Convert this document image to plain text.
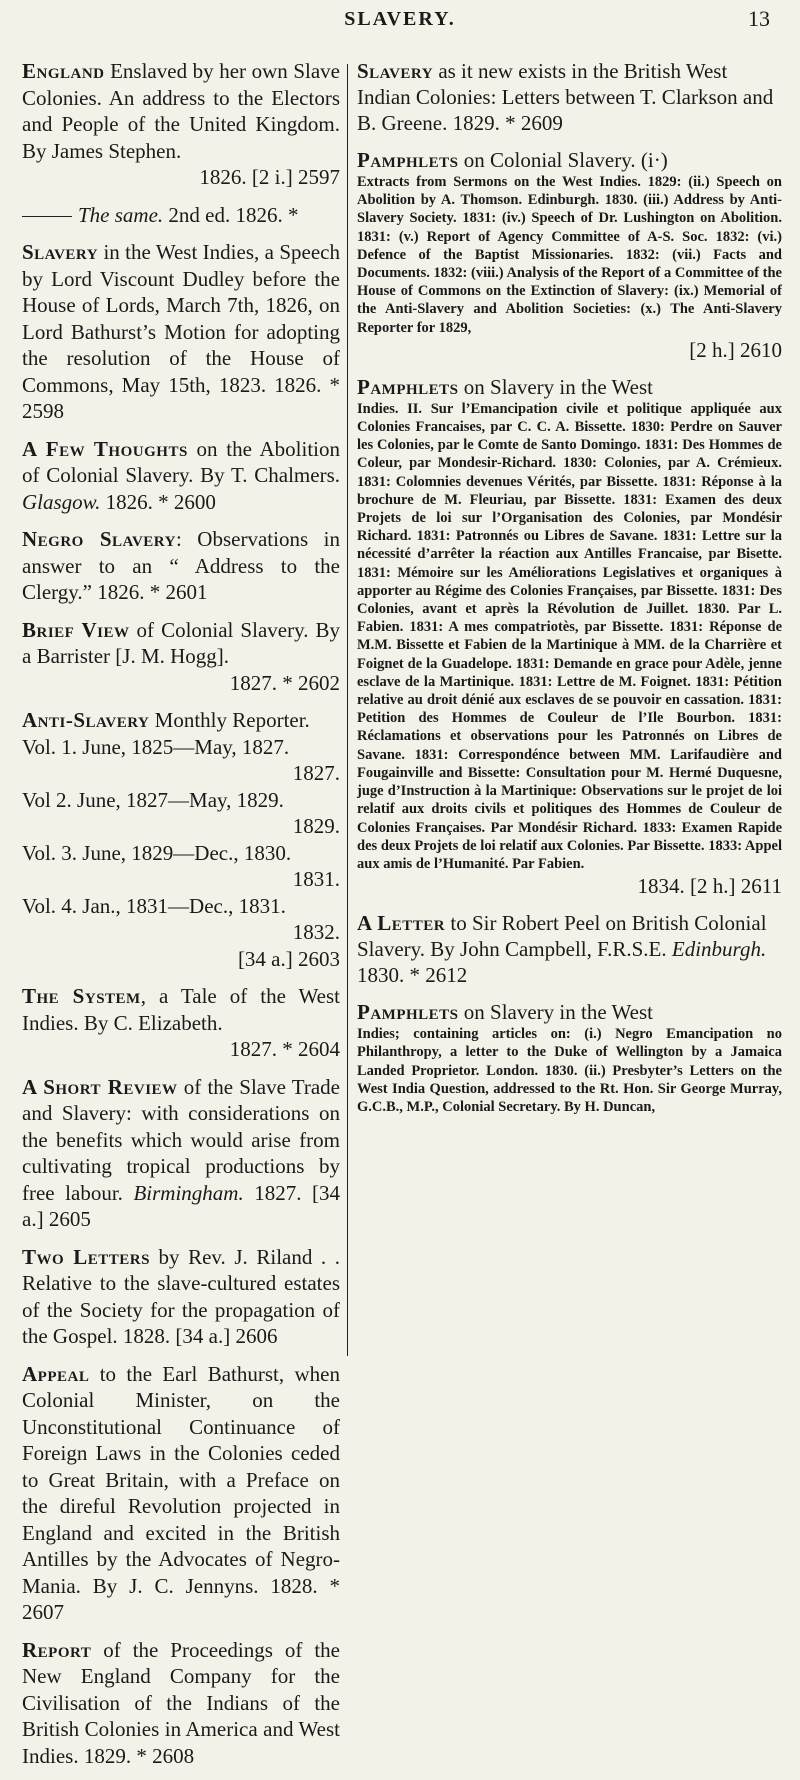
SLAVERY.	13
England Enslaved by her own Slave Colonies. An address to the Electors and People of the United Kingdom. By James Stephen.
1826. [2 i.] 2597
The same. 2nd ed. 1826. *
Slavery in the West Indies, a Speech by Lord Viscount Dudley before the House of Lords, March 7th, 1826, on Lord Bathurst’s Motion for adopting the resolution of the House of Commons, May 15th, 1823. 1826. * 2598
A Few Thoughts on the Abolition of Colonial Slavery. By T. Chalmers. Glasgow. 1826. * 2600
Negro Slavery: Observations in answer to an “ Address to the Clergy.” 1826. * 2601
Brief View of Colonial Slavery. By a Barrister [J. M. Hogg].
1827. * 2602
Anti-Slavery Monthly Reporter.
Vol. 1. June, 1825—May, 1827.
1827.
Vol 2. June, 1827—May, 1829.
1829.
Vol. 3. June, 1829—Dec., 1830.
1831.
Vol. 4. Jan., 1831—Dec., 1831.
1832.
[34 a.] 2603
The System, a Tale of the West Indies. By C. Elizabeth.
1827. * 2604
A Short Review of the Slave Trade and Slavery: with considerations on the benefits which would arise from cultivating tropical productions by free labour. Birmingham. 1827. [34 a.] 2605
Two Letters by Rev. J. Riland . . Relative to the slave-cultured estates of the Society for the propagation of the Gospel. 1828. [34 a.] 2606
Appeal to the Earl Bathurst, when Colonial Minister, on the Unconstitutional Continuance of Foreign Laws in the Colonies ceded to Great Britain, with a Preface on the direful Revolution projected in England and excited in the British Antilles by the Advocates of Negro-Mania. By J. C. Jennyns. 1828. * 2607
Report of the Proceedings of the New England Company for the Civilisation of the Indians of the British Colonies in America and West Indies. 1829. * 2608
Slavery as it new exists in the British West Indian Colonies: Letters between T. Clarkson and B. Greene. 1829. * 2609
Pamphlets on Colonial Slavery. (i·)
Extracts from Sermons on the West Indies. 1829: (ii.) Speech on Abolition by A. Thomson. Edinburgh. 1830. (iii.) Address by Anti-Slavery Society. 1831: (iv.) Speech of Dr. Lushington on Abolition. 1831: (v.) Report of Agency Committee of A-S. Soc. 1832: (vi.) Defence of the Baptist Missionaries. 1832: (vii.) Facts and Documents. 1832: (viii.) Analysis of the Report of a Committee of the House of Commons on the Extinction of Slavery: (ix.) Memorial of the Anti-Slavery and Abolition Societies: (x.) The Anti-Slavery Reporter for 1829,
[2 h.] 2610
Pamphlets on Slavery in the West
Indies. II. Sur l’Emancipation civile et politique appliquée aux Colonies Francaises, par C. C. A. Bissette. 1830: Perdre on Sauver les Colonies, par le Comte de Santo Domingo. 1831: Des Hommes de Coleur, par Mondesir-Richard. 1830: Colonies, par A. Crémieux. 1831: Colomnies devenues Vérités, par Bissette. 1831: Réponse à la brochure de M. Fleuriau, par Bissette. 1831: Examen des deux Projets de loi sur l’Organisation des Colonies, par Mondésir Richard. 1831: Patronnés ou Libres de Savane. 1831: Lettre sur la nécessité d’arrêter la réaction aux Antilles Francaise, par Bisette. 1831: Mémoire sur les Améliorations Legislatives et organiques à apporter au Régime des Colonies Françaises, par Bissette. 1831: Des Colonies, avant et après la Révolution de Juillet. 1830. Par L. Fabien. 1831: A mes compatriotès, par Bissette. 1831: Réponse de M.M. Bissette et Fabien de la Martinique à MM. de la Charrière et Foignet de la Guadelope. 1831: Demande en grace pour Adèle, jenne esclave de la Martinique. 1831: Lettre de M. Foignet. 1831: Pétition relative au droit dénié aux esclaves de se pouvoir en cassation. 1831: Petition des Hommes de Couleur de l’Ile Bourbon. 1831: Réclamations et observations pour les Patronnés on Libres de Savane. 1831: Correspondénce between MM. Larifaudière and Fougainville and Bissette: Consultation pour M. Hermé Duquesne, juge d’Instruction à la Martinique: Observations sur le projet de loi relatif aux droits civils et politiques des Hommes de Couleur de Colonies Françaises. Par Mondésir Richard. 1833: Examen Rapide des deux Projets de loi relatif aux Colonies. Par Bissette. 1833: Appel aux amis de l’Humanité. Par Fabien.
1834. [2 h.] 2611
A Letter to Sir Robert Peel on British Colonial Slavery. By John Campbell, F.R.S.E. Edinburgh. 1830. * 2612
Pamphlets on Slavery in the West
Indies; containing articles on: (i.) Negro Emancipation no Philanthropy, a letter to the Duke of Wellington by a Jamaica Landed Proprietor. London. 1830. (ii.) Presbyter’s Letters on the West India Question, addressed to the Rt. Hon. Sir George Murray, G.C.B., M.P., Colonial Secretary. By H. Duncan,
